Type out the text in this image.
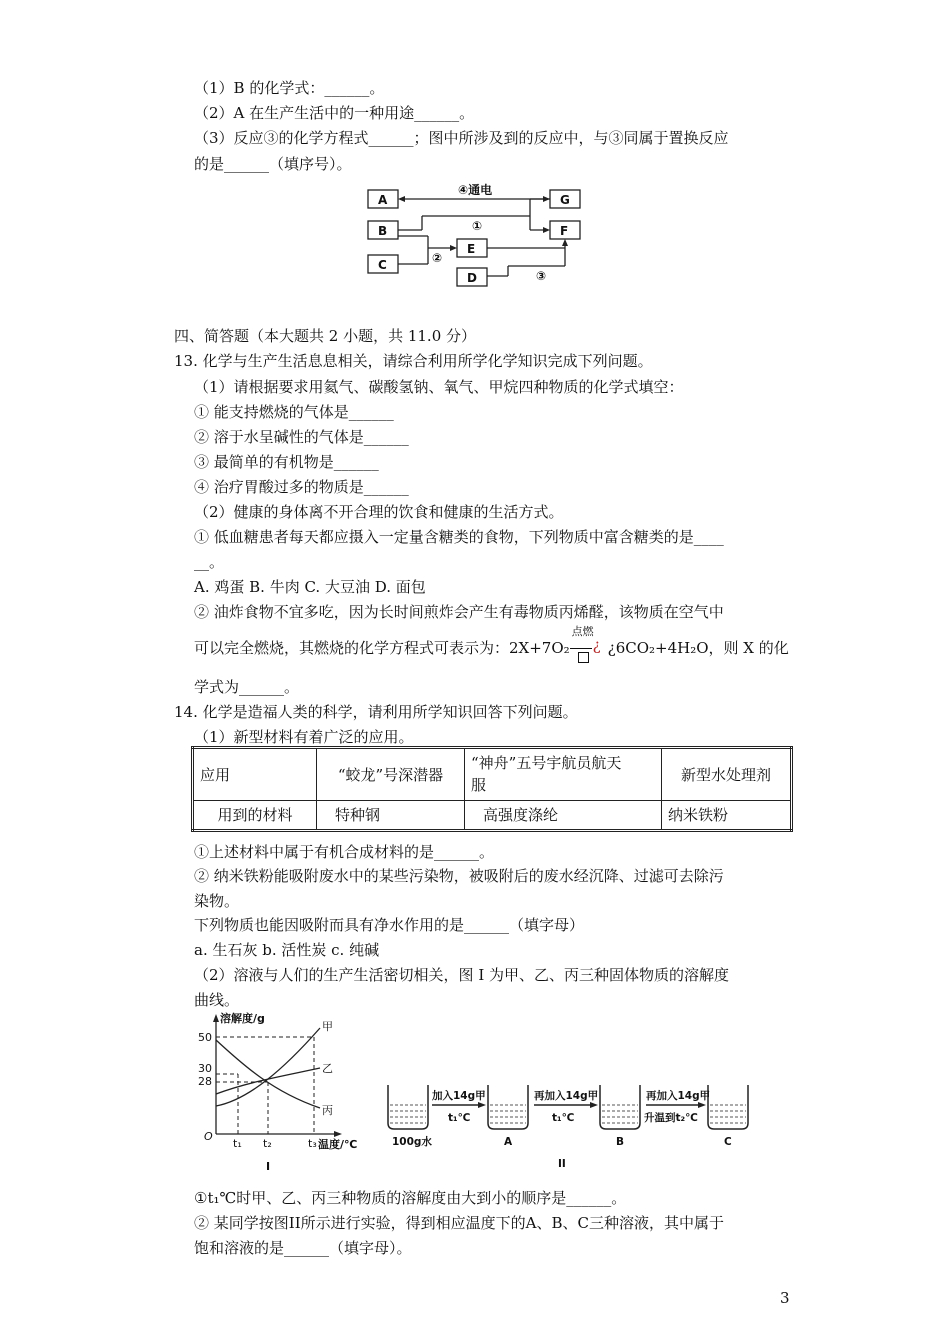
（1）B 的化学式：______。
（2）A 在生产生活中的一种用途______。
（3）反应③的化学方程式______；图中所涉及到的反应中，与③同属于置换反应
的是______（填序号）。
A
B
C
G
F
E
D
④通电
①
②
③
四、简答题（本大题共 2 小题，共 11.0 分）
13. 化学与生产生活息息相关，请综合利用所学化学知识完成下列问题。
（1）请根据要求用氦气、碳酸氢钠、氧气、甲烷四种物质的化学式填空：
① 能支持燃烧的气体是______
② 溶于水呈碱性的气体是______
③ 最简单的有机物是______
④ 治疗胃酸过多的物质是______
（2）健康的身体离不开合理的饮食和健康的生活方式。
① 低血糖患者每天都应摄入一定量含糖类的食物，下列物质中富含糖类的是____
__。
A. 鸡蛋 B. 牛肉 C. 大豆油 D. 面包
② 油炸食物不宜多吃，因为长时间煎炸会产生有毒物质丙烯醛，该物质在空气中
可以完全燃烧，其燃烧的化学方程式可表示为：2X+7O₂
点燃
¿ ¿6CO₂+4H₂O，则 X 的化
学式为______。
14. 化学是造福人类的科学，请利用所学知识回答下列问题。
（1）新型材料有着广泛的应用。
应用	“蛟龙”号深潜器	“神舟”五号宇航员航天
服	新型水处理剂
用到的材料	特种钢	高强度涤纶	纳米铁粉
①上述材料中属于有机合成材料的是______。
② 纳米铁粉能吸附废水中的某些污染物，被吸附后的废水经沉降、过滤可去除污
染物。
下列物质也能因吸附而具有净水作用的是______（填字母）
a. 生石灰 b. 活性炭 c. 纯碱
（2）溶液与人们的生产生活密切相关，图 I 为甲、乙、丙三种固体物质的溶解度
曲线。
溶解度/g
温度/℃
O
50
30
28
t₁ t₂	t₃
甲
乙
丙
I
加入14g甲
t₁℃
再加入14g甲
t₁℃
再加入14g甲
升温到t₂℃
100g水	A	B	C
II
①t₁℃时甲、乙、丙三种物质的溶解度由大到小的顺序是______。
② 某同学按图II所示进行实验，得到相应温度下的A、B、C三种溶液，其中属于
饱和溶液的是______（填字母）。
3
